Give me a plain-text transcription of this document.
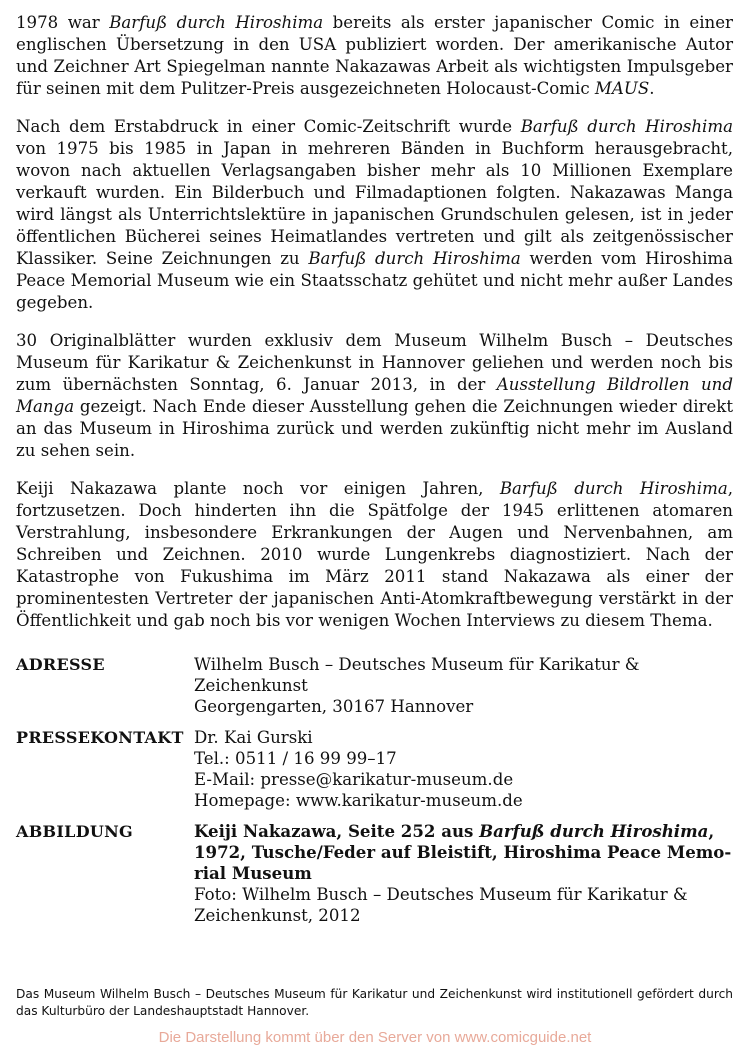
1978 war Barfuß durch Hiroshima bereits als erster japanischer Comic in einer englischen Übersetzung in den USA publiziert worden. Der amerikanische Autor und Zeichner Art Spiegelman nannte Nakazawas Arbeit als wichtigsten Impulsgeber für seinen mit dem Pulitzer-Preis ausgezeichneten Holocaust-Comic MAUS.

Nach dem Erstabdruck in einer Comic-Zeitschrift wurde Barfuß durch Hiroshima von 1975 bis 1985 in Japan in mehreren Bänden in Buchform herausgebracht, wovon nach aktuellen Verlagsangaben bisher mehr als 10 Millionen Exemplare verkauft wurden. Ein Bilderbuch und Filmadaptionen folgten. Nakazawas Manga wird längst als Unterrichtslektüre in japanischen Grundschulen gelesen, ist in jeder öffentlichen Bücherei seines Heimatlandes vertreten und gilt als zeitgenössischer Klassiker. Seine Zeichnungen zu Barfuß durch Hiroshima werden vom Hiroshima Peace Memorial Museum wie ein Staatsschatz gehütet und nicht mehr außer Landes gegeben.

30 Originalblätter wurden exklusiv dem Museum Wilhelm Busch – Deutsches Museum für Karikatur & Zeichenkunst in Hannover geliehen und werden noch bis zum übernächsten Sonntag, 6. Januar 2013, in der Ausstellung Bildrollen und Manga gezeigt. Nach Ende dieser Ausstellung gehen die Zeichnungen wieder direkt an das Museum in Hiroshima zurück und werden zukünftig nicht mehr im Ausland zu sehen sein.

Keiji Nakazawa plante noch vor einigen Jahren, Barfuß durch Hiroshima, fortzusetzen. Doch hinderten ihn die Spätfolge der 1945 erlittenen atomaren Verstrahlung, insbesondere Erkrankungen der Augen und Nervenbahnen, am Schreiben und Zeichnen. 2010 wurde Lungenkrebs diagnostiziert. Nach der Katastrophe von Fukushima im März 2011 stand Nakazawa als einer der prominentesten Vertreter der japanischen Anti-Atomkraftbewegung verstärkt in der Öffentlichkeit und gab noch bis vor wenigen Wochen Interviews zu diesem Thema.

ADRESSE	Wilhelm Busch – Deutsches Museum für Karikatur & Zeichenkunst
Georgengarten, 30167 Hannover
PRESSEKONTAKT Dr. Kai Gurski
Tel.: 0511 / 16 99 99–17
E-Mail: presse@karikatur-museum.de
Homepage: www.karikatur-museum.de
ABBILDUNG	Keiji Nakazawa, Seite 252 aus Barfuß durch Hiroshima, 1972, Tusche/Feder auf Bleistift, Hiroshima Peace Memorial Museum
Foto: Wilhelm Busch – Deutsches Museum für Karikatur & Zeichenkunst, 2012
Das Museum Wilhelm Busch – Deutsches Museum für Karikatur und Zeichenkunst wird institutionell gefördert durch das Kulturbüro der Landeshauptstadt Hannover.
Die Darstellung kommt über den Server von www.comicguide.net
